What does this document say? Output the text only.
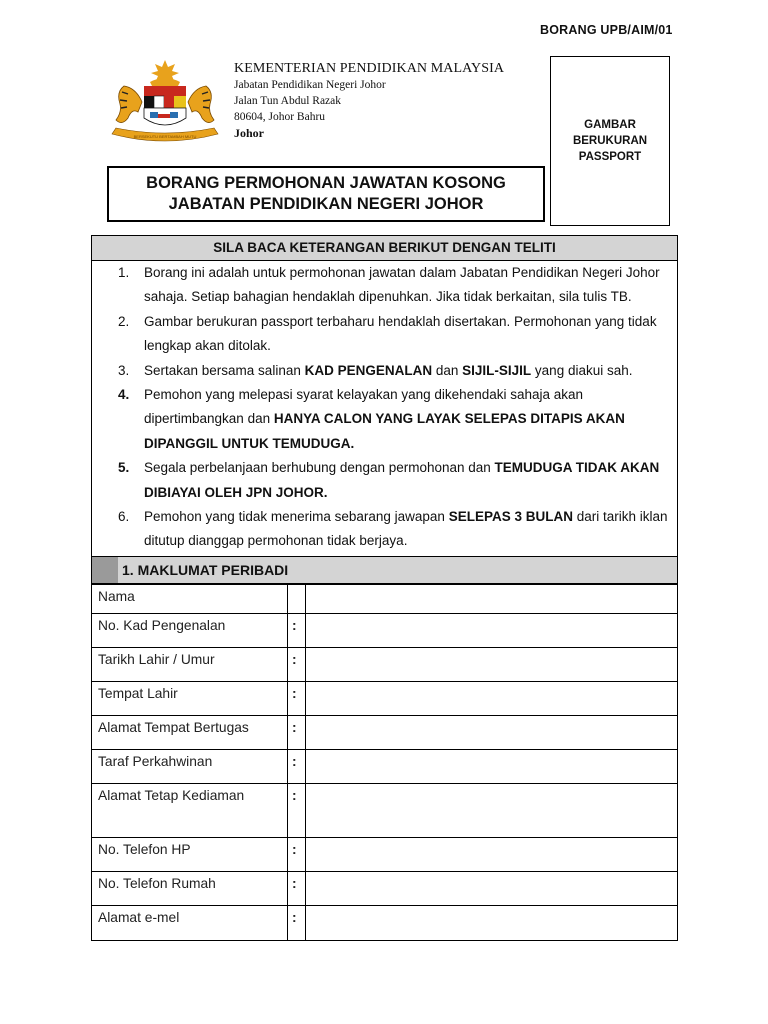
BORANG UPB/AIM/01
BERSEKUTU BERTAMBAH MUTU
KEMENTERIAN PENDIDIKAN MALAYSIA
Jabatan Pendidikan Negeri Johor
Jalan Tun Abdul Razak
80604, Johor Bahru
Johor
GAMBAR
BERUKURAN
PASSPORT
BORANG PERMOHONAN JAWATAN KOSONG
JABATAN PENDIDIKAN NEGERI JOHOR
SILA BACA KETERANGAN BERIKUT DENGAN TELITI
1. Borang ini adalah untuk permohonan jawatan dalam Jabatan Pendidikan Negeri Johor sahaja. Setiap bahagian hendaklah dipenuhkan. Jika tidak berkaitan, sila tulis TB.
2. Gambar berukuran passport terbaharu hendaklah disertakan. Permohonan yang tidak lengkap akan ditolak.
3. Sertakan bersama salinan KAD PENGENALAN dan SIJIL-SIJIL yang diakui sah.
4. Pemohon yang melepasi syarat kelayakan yang dikehendaki sahaja akan dipertimbangkan dan HANYA CALON YANG LAYAK SELEPAS DITAPIS AKAN DIPANGGIL UNTUK TEMUDUGA.
5. Segala perbelanjaan berhubung dengan permohonan dan TEMUDUGA TIDAK AKAN DIBIAYAI OLEH JPN JOHOR.
6. Pemohon yang tidak menerima sebarang jawapan SELEPAS 3 BULAN dari tarikh iklan ditutup dianggap permohonan tidak berjaya.
1. MAKLUMAT PERIBADI
Nama		
No. Kad Pengenalan	:	
Tarikh Lahir / Umur	:	
Tempat Lahir	:	
Alamat Tempat Bertugas	:	
Taraf Perkahwinan	:	
Alamat Tetap Kediaman	:	
No. Telefon HP	:	
No. Telefon Rumah	:	
Alamat e-mel	:	
